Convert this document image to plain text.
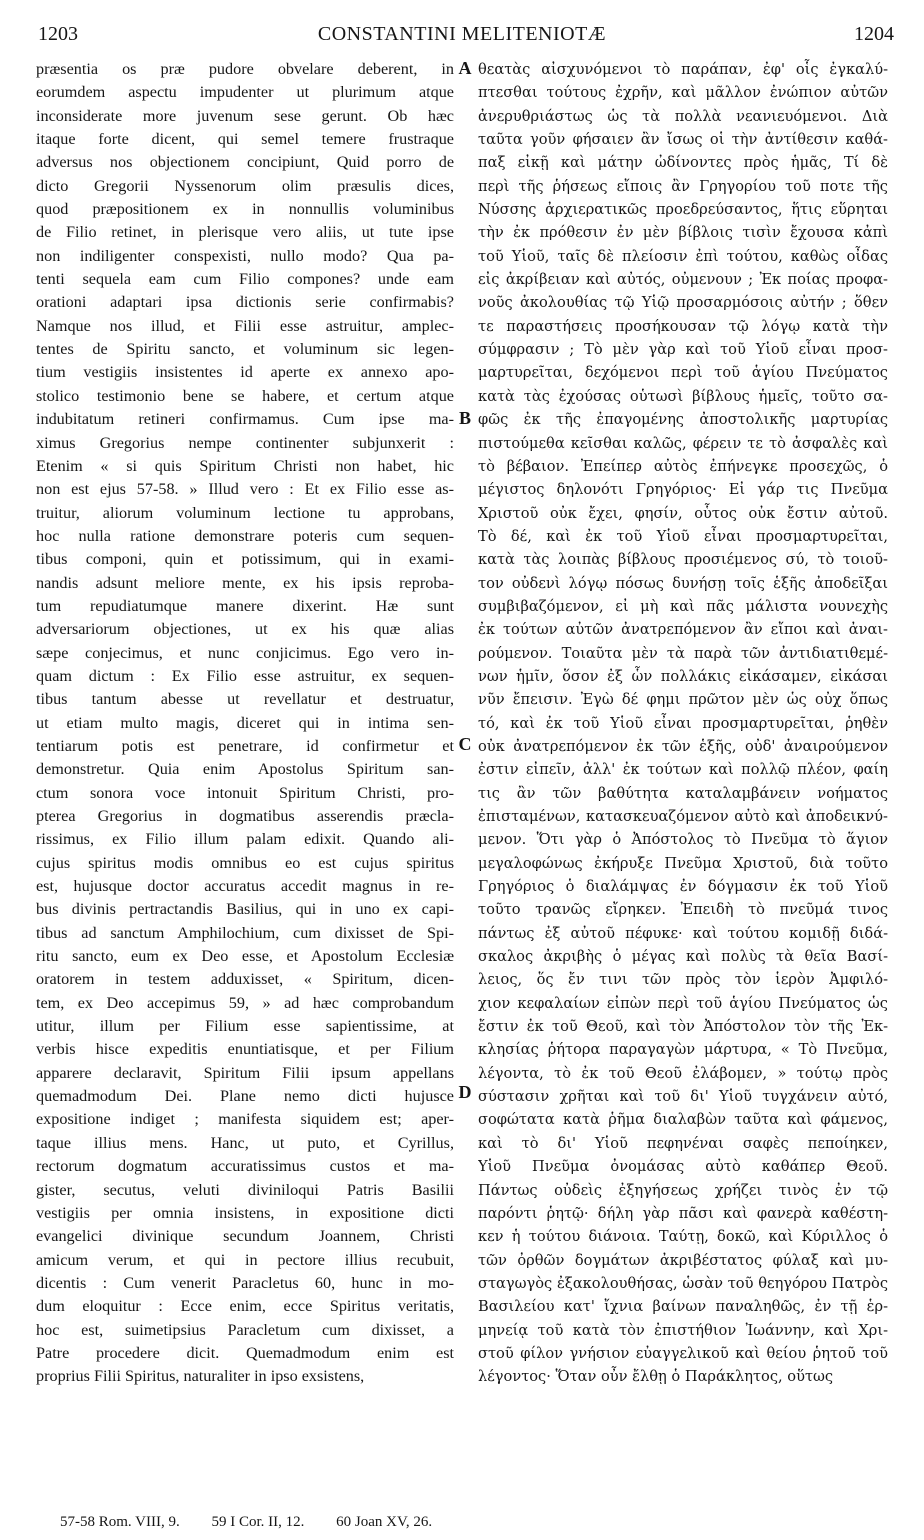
1203	CONSTANTINI MELITENIOTÆ	1204
præsentia os præ pudore obvelare deberent, in
eorumdem aspectu impudenter ut plurimum atque
inconsiderate more juvenum sese gerunt. Ob hæc
itaque forte dicent, qui semel temere frustraque
adversus nos objectionem concipiunt, Quid porro de
dicto Gregorii Nyssenorum olim præsulis dices,
quod præpositionem ex in nonnullis voluminibus
de Filio retinet, in plerisque vero aliis, ut tute ipse
non indiligenter conspexisti, nullo modo? Qua pa-
tenti sequela eam cum Filio compones? unde eam
orationi adaptari ipsa dictionis serie confirmabis?
Namque nos illud, et Filii esse astruitur, amplec-
tentes de Spiritu sancto, et voluminum sic legen-
tium vestigiis insistentes id aperte ex annexo apo-
stolico testimonio bene se habere, et certum atque
indubitatum retineri confirmamus. Cum ipse ma-
ximus Gregorius nempe continenter subjunxerit :
Etenim « si quis Spiritum Christi non habet, hic
non est ejus 57-58. » Illud vero : Et ex Filio esse as-
truitur, aliorum voluminum lectione tu approbans,
hoc nulla ratione demonstrare poteris cum sequen-
tibus componi, quin et potissimum, qui in exami-
nandis adsunt meliore mente, ex his ipsis reproba-
tum repudiatumque manere dixerint. Hæ sunt
adversariorum objectiones, ut ex his quæ alias
sæpe conjecimus, et nunc conjicimus. Ego vero in-
quam dictum : Ex Filio esse astruitur, ex sequen-
tibus tantum abesse ut revellatur et destruatur,
ut etiam multo magis, diceret qui in intima sen-
tentiarum potis est penetrare, id confirmetur et
demonstretur. Quia enim Apostolus Spiritum san-
ctum sonora voce intonuit Spiritum Christi, pro-
pterea Gregorius in dogmatibus asserendis præcla-
rissimus, ex Filio illum palam edixit. Quando ali-
cujus spiritus modis omnibus eo est cujus spiritus
est, hujusque doctor accuratus accedit magnus in re-
bus divinis pertractandis Basilius, qui in uno ex capi-
tibus ad sanctum Amphilochium, cum dixisset de Spi-
ritu sancto, eum ex Deo esse, et Apostolum Ecclesiæ
oratorem in testem adduxisset, « Spiritum, dicen-
tem, ex Deo accepimus 59, » ad hæc comprobandum
utitur, illum per Filium esse sapientissime, at
verbis hisce expeditis enuntiatisque, et per Filium
apparere declaravit, Spiritum Filii ipsum appellans
quemadmodum Dei. Plane nemo dicti hujusce
expositione indiget ; manifesta siquidem est; aper-
taque illius mens. Hanc, ut puto, et Cyrillus,
rectorum dogmatum accuratissimus custos et ma-
gister, secutus, veluti diviniloqui Patris Basilii
vestigiis per omnia insistens, in expositione dicti
evangelici divinique secundum Joannem, Christi
amicum verum, et qui in pectore illius recubuit,
dicentis : Cum venerit Paracletus 60, hunc in mo-
dum eloquitur : Ecce enim, ecce Spiritus veritatis,
hoc est, suimetipsius Paracletum cum dixisset, a
Patre procedere dicit. Quemadmodum enim est
proprius Filii Spiritus, naturaliter in ipso exsistens,
A
B
C
D
θεατὰς αἰσχυνόμενοι τὸ παράπαν, ἐφ' οἷς ἐγκαλύ-
πτεσθαι τούτους ἐχρῆν, καὶ μᾶλλον ἐνώπιον αὐτῶν
ἀνερυθριάστως ὡς τὰ πολλὰ νεανιευόμενοι. Διὰ
ταῦτα γοῦν φήσαιεν ἂν ἴσως οἱ τὴν ἀντίθεσιν καθά-
παξ εἰκῇ καὶ μάτην ὠδίνοντες πρὸς ἡμᾶς, Τί δὲ
περὶ τῆς ῥήσεως εἴποις ἂν Γρηγορίου τοῦ ποτε τῆς
Νύσσης ἀρχιερατικῶς προεδρεύσαντος, ἥτις εὕρηται
τὴν ἐκ πρόθεσιν ἐν μὲν βίβλοις τισὶν ἔχουσα κἀπὶ
τοῦ Υἱοῦ, ταῖς δὲ πλείοσιν ἐπὶ τούτου, καθὼς οἶδας
εἰς ἀκρίβειαν καὶ αὐτός, οὐμενουν ; Ἐκ ποίας προφα-
νοῦς ἀκολουθίας τῷ Υἱῷ προσαρμόσοις αὐτήν ; ὅθεν
τε παραστήσεις προσήκουσαν τῷ λόγῳ κατὰ τὴν
σύμφρασιν ; Τὸ μὲν γὰρ καὶ τοῦ Υἱοῦ εἶναι προσ-
μαρτυρεῖται, δεχόμενοι περὶ τοῦ ἁγίου Πνεύματος
κατὰ τὰς ἐχούσας οὑτωσὶ βίβλους ἡμεῖς, τοῦτο σα-
φῶς ἐκ τῆς ἐπαγομένης ἀποστολικῆς μαρτυρίας
πιστούμεθα κεῖσθαι καλῶς, φέρειν τε τὸ ἀσφαλὲς καὶ
τὸ βέβαιον. Ἐπείπερ αὐτὸς ἐπήνεγκε προσεχῶς, ὁ
μέγιστος δηλονότι Γρηγόριος· Εἰ γάρ τις Πνεῦμα
Χριστοῦ οὐκ ἔχει, φησίν, οὗτος οὐκ ἔστιν αὐτοῦ.
Τὸ δέ, καὶ ἐκ τοῦ Υἱοῦ εἶναι προσμαρτυρεῖται,
κατὰ τὰς λοιπὰς βίβλους προσιέμενος σύ, τὸ τοιοῦ-
τον οὐδενὶ λόγῳ πόσως δυνήσῃ τοῖς ἑξῆς ἀποδεῖξαι
συμβιβαζόμενον, εἰ μὴ καὶ πᾶς μάλιστα νουνεχὴς
ἐκ τούτων αὐτῶν ἀνατρεπόμενον ἂν εἴποι καὶ ἀναι-
ρούμενον. Τοιαῦτα μὲν τὰ παρὰ τῶν ἀντιδιατιθεμέ-
νων ἡμῖν, ὅσον ἐξ ὧν πολλάκις εἰκάσαμεν, εἰκάσαι
νῦν ἔπεισιν. Ἐγὼ δέ φημι πρῶτον μὲν ὡς οὐχ ὅπως
τό, καὶ ἐκ τοῦ Υἱοῦ εἶναι προσμαρτυρεῖται, ῥηθὲν
οὐκ ἀνατρεπόμενον ἐκ τῶν ἑξῆς, οὐδ' ἀναιρούμενον
ἐστιν εἰπεῖν, ἀλλ' ἐκ τούτων καὶ πολλῷ πλέον, φαίη
τις ἂν τῶν βαθύτητα καταλαμβάνειν νοήματος
ἐπισταμένων, κατασκευαζόμενον αὐτὸ καὶ ἀποδεικνύ-
μενον. Ὅτι γὰρ ὁ Ἀπόστολος τὸ Πνεῦμα τὸ ἅγιον
μεγαλοφώνως ἐκήρυξε Πνεῦμα Χριστοῦ, διὰ τοῦτο
Γρηγόριος ὁ διαλάμψας ἐν δόγμασιν ἐκ τοῦ Υἱοῦ
τοῦτο τρανῶς εἴρηκεν. Ἐπειδὴ τὸ πνεῦμά τινος
πάντως ἐξ αὐτοῦ πέφυκε· καὶ τούτου κομιδῇ διδά-
σκαλος ἀκριβὴς ὁ μέγας καὶ πολὺς τὰ θεῖα Βασί-
λειος, ὅς ἔν τινι τῶν πρὸς τὸν ἱερὸν Ἀμφιλό-
χιον κεφαλαίων εἰπὼν περὶ τοῦ ἁγίου Πνεύματος ὡς
ἔστιν ἐκ τοῦ Θεοῦ, καὶ τὸν Ἀπόστολον τὸν τῆς Ἐκ-
κλησίας ῥήτορα παραγαγὼν μάρτυρα, « Τὸ Πνεῦμα,
λέγοντα, τὸ ἐκ τοῦ Θεοῦ ἐλάβομεν, » τούτῳ πρὸς
σύστασιν χρῆται καὶ τοῦ δι' Υἱοῦ τυγχάνειν αὐτό,
σοφώτατα κατὰ ῥῆμα διαλαβὼν ταῦτα καὶ φάμενος,
καὶ τὸ δι' Υἱοῦ πεφηνέναι σαφὲς πεποίηκεν,
Υἱοῦ Πνεῦμα ὀνομάσας αὐτὸ καθάπερ Θεοῦ.
Πάντως οὐδεὶς ἐξηγήσεως χρήζει τινὸς ἐν τῷ
παρόντι ῥητῷ· δήλη γὰρ πᾶσι καὶ φανερὰ καθέστη-
κεν ἡ τούτου διάνοια. Ταύτῃ, δοκῶ, καὶ Κύριλλος ὁ
τῶν ὀρθῶν δογμάτων ἀκριβέστατος φύλαξ καὶ μυ-
σταγωγὸς ἐξακολουθήσας, ὡσὰν τοῦ θεηγόρου Πατρὸς
Βασιλείου κατ' ἴχνια βαίνων παναληθῶς, ἐν τῇ ἑρ-
μηνείᾳ τοῦ κατὰ τὸν ἐπιστήθιον Ἰωάννην, καὶ Χρι-
στοῦ φίλον γνήσιον εὐαγγελικοῦ καὶ θείου ῥητοῦ τοῦ
λέγοντος· Ὅταν οὖν ἔλθῃ ὁ Παράκλητος, οὕτως
57-58 Rom. VIII, 9. 59 I Cor. II, 12. 60 Joan XV, 26.
